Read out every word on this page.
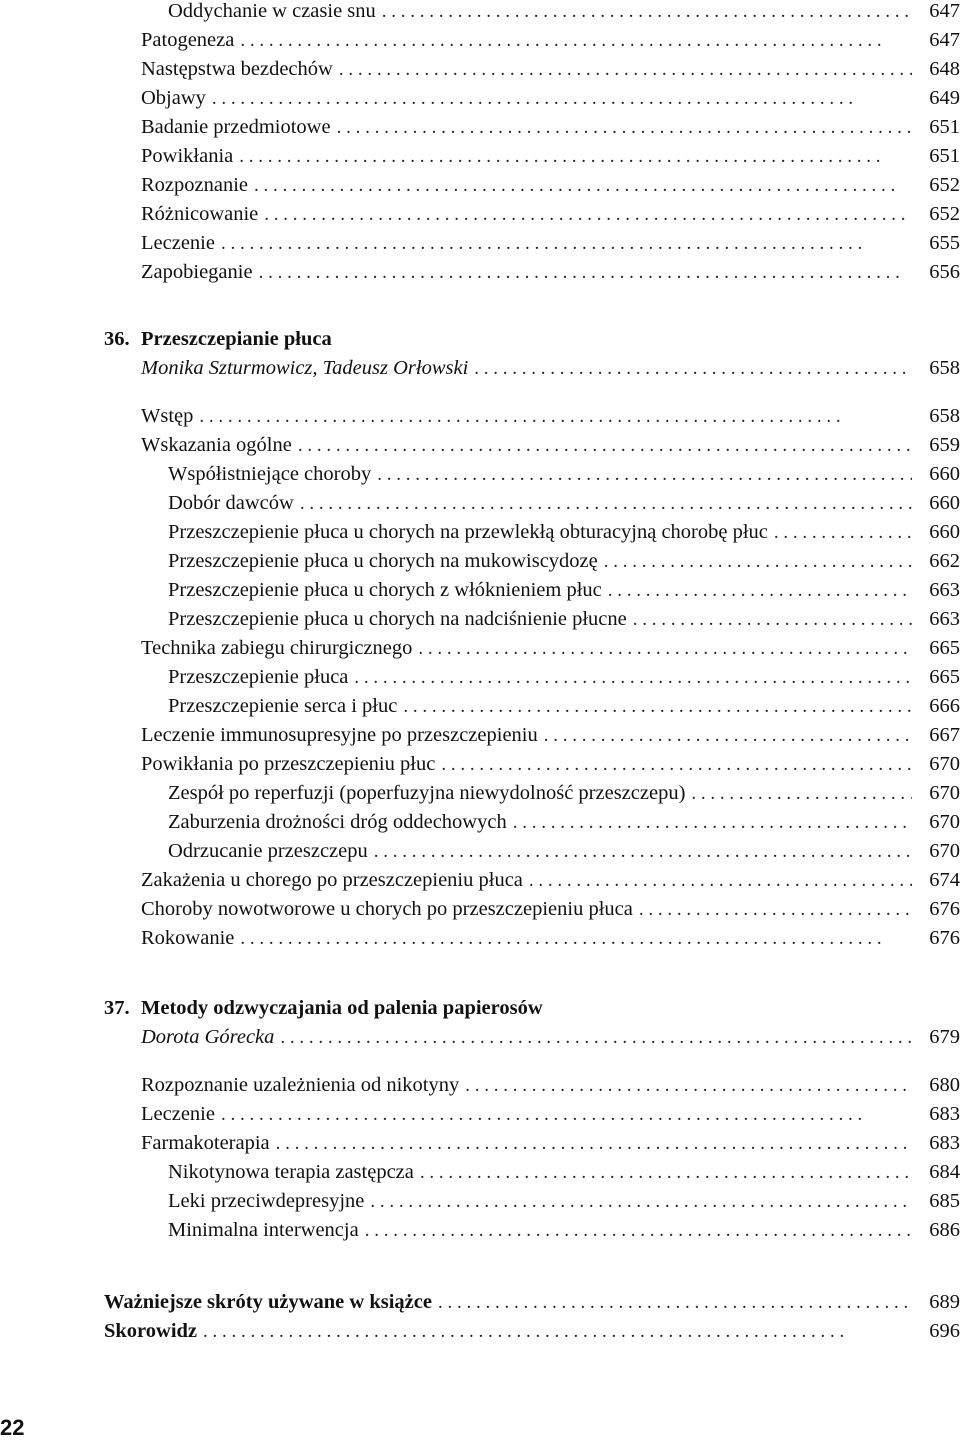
Oddychanie w czasie snu . . .	647
Patogeneza . . .	647
Następstwa bezdechów . . .	648
Objawy . . .	649
Badanie przedmiotowe . . .	651
Powikłania . . .	651
Rozpoznanie . . .	652
Różnicowanie . . .	652
Leczenie . . .	655
Zapobieganie . . .	656
36. Przeszczepianie płuca
Monika Szturmowicz, Tadeusz Orłowski . . .	658
Wstęp . . .	658
Wskazania ogólne . . .	659
Współistniejące choroby . . .	660
Dobór dawców . . .	660
Przeszczepienie płuca u chorych na przewlekłą obturacyjną chorobę płuc . . .	660
Przeszczepienie płuca u chorych na mukowiscydozę . . .	662
Przeszczepienie płuca u chorych z włóknieniem płuc . . .	663
Przeszczepienie płuca u chorych na nadciśnienie płucne . . .	663
Technika zabiegu chirurgicznego . . .	665
Przeszczepienie płuca . . .	665
Przeszczepienie serca i płuc . . .	666
Leczenie immunosupresyjne po przeszczepieniu . . .	667
Powikłania po przeszczepieniu płuc . . .	670
Zespół po reperfuzji (poperfuzyjna niewydolność przeszczepu) . . .	670
Zaburzenia drożności dróg oddechowych . . .	670
Odrzucanie przeszczepu . . .	670
Zakażenia u chorego po przeszczepieniu płuca . . .	674
Choroby nowotworowe u chorych po przeszczepieniu płuca . . .	676
Rokowanie . . .	676
37. Metody odzwyczajania od palenia papierosów
Dorota Górecka . . .	679
Rozpoznanie uzależnienia od nikotyny . . .	680
Leczenie . . .	683
Farmakoterapia . . .	683
Nikotynowa terapia zastępcza . . .	684
Leki przeciwdepresyjne . . .	685
Minimalna interwencja . . .	686
Ważniejsze skróty używane w książce . . .	689
Skorowidz . . .	696
22
